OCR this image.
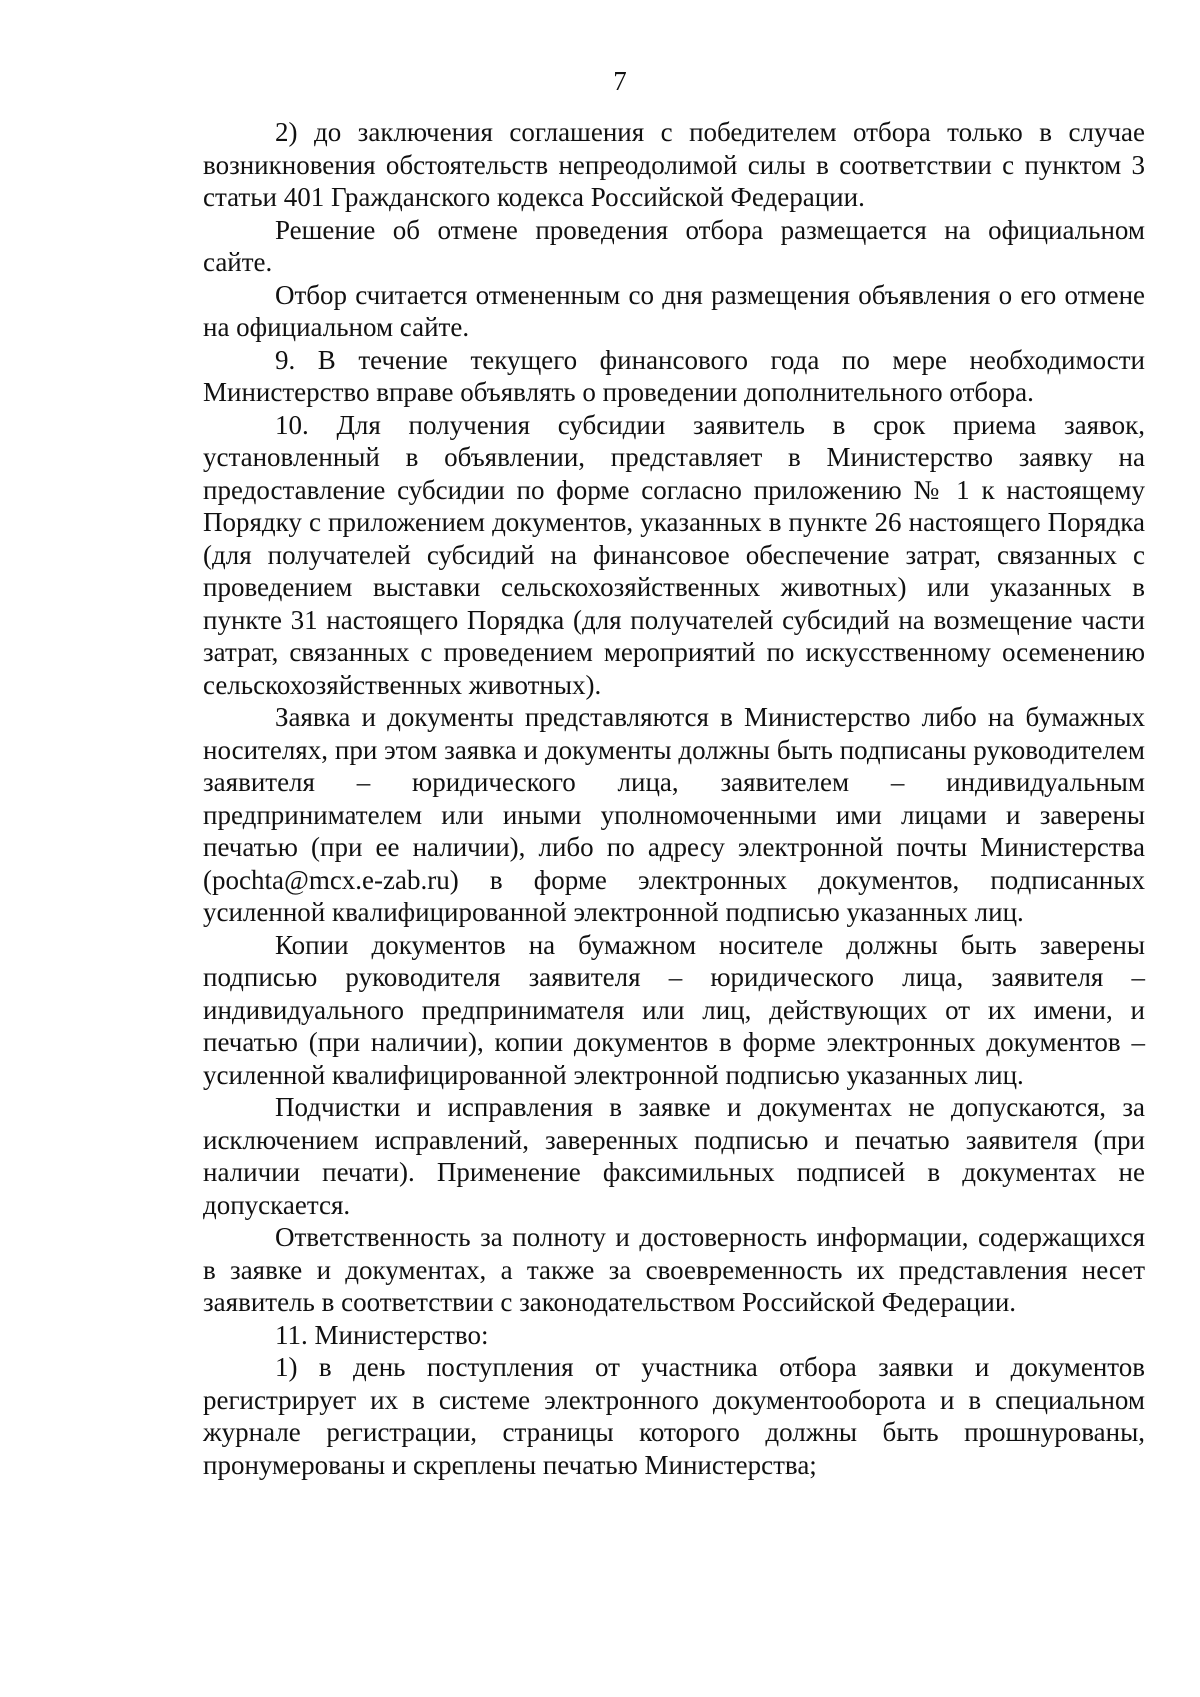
7

2) до заключения соглашения с победителем отбора только в случае возникновения обстоятельств непреодолимой силы в соответствии с пунктом 3 статьи 401 Гражданского кодекса Российской Федерации.

Решение об отмене проведения отбора размещается на официальном сайте.

Отбор считается отмененным со дня размещения объявления о его отмене на официальном сайте.

9. В течение текущего финансового года по мере необходимости Министерство вправе объявлять о проведении дополнительного отбора.

10. Для получения субсидии заявитель в срок приема заявок, установленный в объявлении, представляет в Министерство заявку на предоставление субсидии по форме согласно приложению № 1 к настоящему Порядку с приложением документов, указанных в пункте 26 настоящего Порядка (для получателей субсидий на финансовое обеспечение затрат, связанных с проведением выставки сельскохозяйственных животных) или указанных в пункте 31 настоящего Порядка (для получателей субсидий на возмещение части затрат, связанных с проведением мероприятий по искусственному осеменению сельскохозяйственных животных).

Заявка и документы представляются в Министерство либо на бумажных носителях, при этом заявка и документы должны быть подписаны руководителем заявителя – юридического лица, заявителем – индивидуальным предпринимателем или иными уполномоченными ими лицами и заверены печатью (при ее наличии), либо по адресу электронной почты Министерства (pochta@mcx.e-zab.ru) в форме электронных документов, подписанных усиленной квалифицированной электронной подписью указанных лиц.

Копии документов на бумажном носителе должны быть заверены подписью руководителя заявителя – юридического лица, заявителя – индивидуального предпринимателя или лиц, действующих от их имени, и печатью (при наличии), копии документов в форме электронных документов – усиленной квалифицированной электронной подписью указанных лиц.

Подчистки и исправления в заявке и документах не допускаются, за исключением исправлений, заверенных подписью и печатью заявителя (при наличии печати). Применение факсимильных подписей в документах не допускается.

Ответственность за полноту и достоверность информации, содержащихся в заявке и документах, а также за своевременность их представления несет заявитель в соответствии с законодательством Российской Федерации.

11. Министерство:

1) в день поступления от участника отбора заявки и документов регистрирует их в системе электронного документооборота и в специальном журнале регистрации, страницы которого должны быть прошнурованы, пронумерованы и скреплены печатью Министерства;
